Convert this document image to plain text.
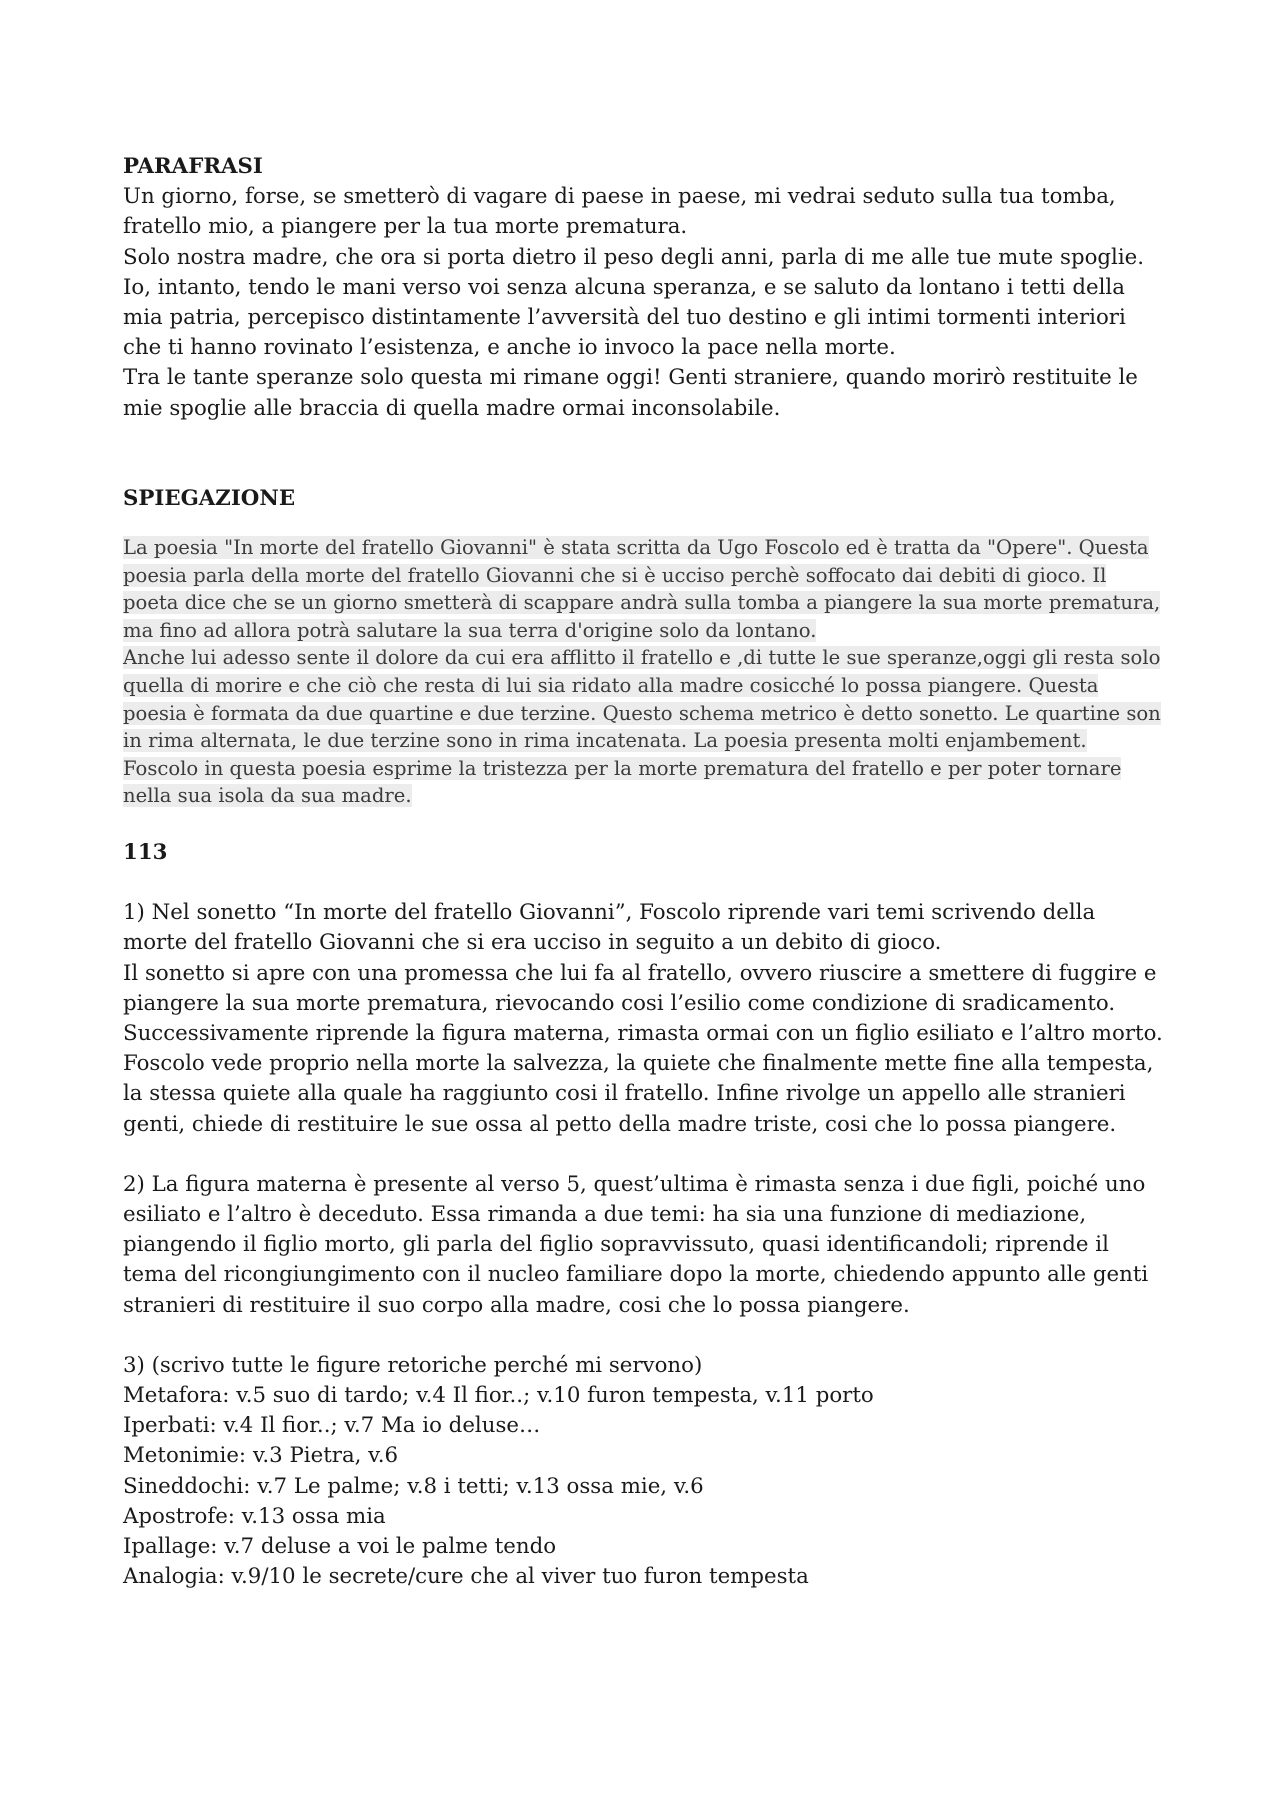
PARAFRASI

Un giorno, forse, se smetterò di vagare di paese in paese, mi vedrai seduto sulla tua tomba, fratello mio, a piangere per la tua morte prematura.

Solo nostra madre, che ora si porta dietro il peso degli anni, parla di me alle tue mute spoglie.

Io, intanto, tendo le mani verso voi senza alcuna speranza, e se saluto da lontano i tetti della mia patria, percepisco distintamente l’avversità del tuo destino e gli intimi tormenti interiori che ti hanno rovinato l’esistenza, e anche io invoco la pace nella morte.

Tra le tante speranze solo questa mi rimane oggi! Genti straniere, quando morirò restituite le mie spoglie alle braccia di quella madre ormai inconsolabile.

SPIEGAZIONE

La poesia "In morte del fratello Giovanni" è stata scritta da Ugo Foscolo ed è tratta da "Opere". Questa poesia parla della morte del fratello Giovanni che si è ucciso perchè soffocato dai debiti di gioco. Il poeta dice che se un giorno smetterà di scappare andrà sulla tomba a piangere la sua morte prematura, ma fino ad allora potrà salutare la sua terra d'origine solo da lontano.

Anche lui adesso sente il dolore da cui era afflitto il fratello e ,di tutte le sue speranze,oggi gli resta solo quella di morire e che ciò che resta di lui sia ridato alla madre cosicché lo possa piangere. Questa poesia è formata da due quartine e due terzine. Questo schema metrico è detto sonetto. Le quartine son in rima alternata, le due terzine sono in rima incatenata. La poesia presenta molti enjambement. Foscolo in questa poesia esprime la tristezza per la morte prematura del fratello e per poter tornare nella sua isola da sua madre.

113

1) Nel sonetto “In morte del fratello Giovanni”, Foscolo riprende vari temi scrivendo della morte del fratello Giovanni che si era ucciso in seguito a un debito di gioco.

Il sonetto si apre con una promessa che lui fa al fratello, ovvero riuscire a smettere di fuggire e piangere la sua morte prematura, rievocando cosi l’esilio come condizione di sradicamento.

Successivamente riprende la figura materna, rimasta ormai con un figlio esiliato e l’altro morto.

Foscolo vede proprio nella morte la salvezza, la quiete che finalmente mette fine alla tempesta, la stessa quiete alla quale ha raggiunto cosi il fratello. Infine rivolge un appello alle stranieri genti, chiede di restituire le sue ossa al petto della madre triste, cosi che lo possa piangere.

2) La figura materna è presente al verso 5, quest’ultima è rimasta senza i due figli, poiché uno esiliato e l’altro è deceduto. Essa rimanda a due temi: ha sia una funzione di mediazione, piangendo il figlio morto, gli parla del figlio sopravvissuto, quasi identificandoli; riprende il tema del ricongiungimento con il nucleo familiare dopo la morte, chiedendo appunto alle genti stranieri di restituire il suo corpo alla madre, cosi che lo possa piangere.

3) (scrivo tutte le figure retoriche perché mi servono)

Metafora: v.5 suo di tardo; v.4 Il fior..; v.10 furon tempesta, v.11 porto

Iperbati: v.4 Il fior..; v.7 Ma io deluse…

Metonimie: v.3 Pietra, v.6

Sineddochi: v.7 Le palme; v.8 i tetti; v.13 ossa mie, v.6

Apostrofe: v.13 ossa mia

Ipallage: v.7 deluse a voi le palme tendo

Analogia: v.9/10 le secrete/cure che al viver tuo furon tempesta
